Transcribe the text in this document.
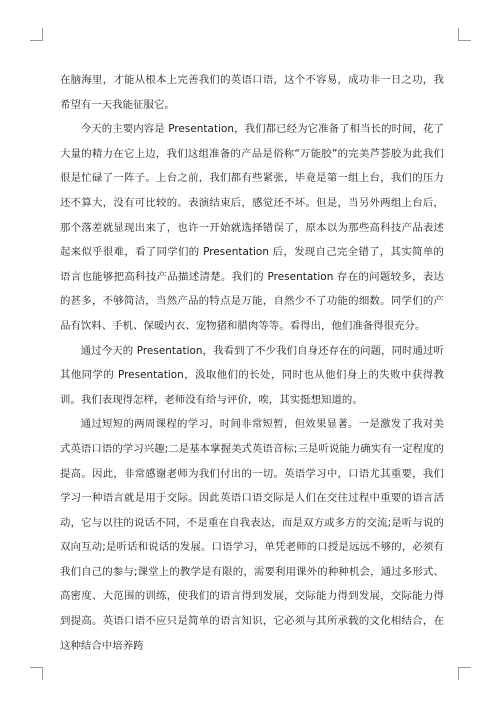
在脑海里，才能从根本上完善我们的英语口语，这个不容易，成功非一日之功，我希望有一天我能征服它。

今天的主要内容是 Presentation，我们都已经为它准备了相当长的时间，花了大量的精力在它上边，我们这组准备的产品是俗称“万能胶”的完美芦荟胶为此我们很是忙碌了一阵子。上台之前，我们都有些紧张，毕竟是第一组上台，我们的压力还不算大，没有可比较的。表演结束后，感觉还不坏。但是，当另外两组上台后，那个落差就显现出来了，也许一开始就选择错误了，原本以为那些高科技产品表述起来似乎很难，看了同学们的 Presentation 后，发现自己完全错了，其实简单的语言也能够把高科技产品描述清楚。我们的 Presentation 存在的问题较多，表达的甚多，不够简洁，当然产品的特点是万能，自然少不了功能的细数。同学们的产品有饮料、手机、保暖内衣、宠物猪和腊肉等等。看得出，他们准备得很充分。

通过今天的 Presentation，我看到了不少我们自身还存在的问题，同时通过听其他同学的 Presentation，汲取他们的长处，同时也从他们身上的失败中获得教训。我们表现得怎样，老师没有给与评价，唉，其实挺想知道的。

通过短短的两周课程的学习，时间非常短暂，但效果显著。一是激发了我对美式英语口语的学习兴趣;二是基本掌握美式英语音标;三是听说能力确实有一定程度的提高。因此，非常感谢老师为我们付出的一切。英语学习中，口语尤其重要，我们学习一种语言就是用于交际。因此英语口语交际是人们在交往过程中重要的语言活动，它与以往的说话不同，不是重在自我表达，而是双方或多方的交流;是听与说的双向互动;是听话和说话的发展。口语学习，单凭老师的口授是远远不够的，必须有我们自己的参与;课堂上的教学是有限的，需要利用课外的种种机会，通过多形式、高密度、大范围的训练，使我们的语言得到发展，交际能力得到发展，交际能力得到提高。英语口语不应只是简单的语言知识，它必须与其所承载的文化相结合，在这种结合中培养跨
